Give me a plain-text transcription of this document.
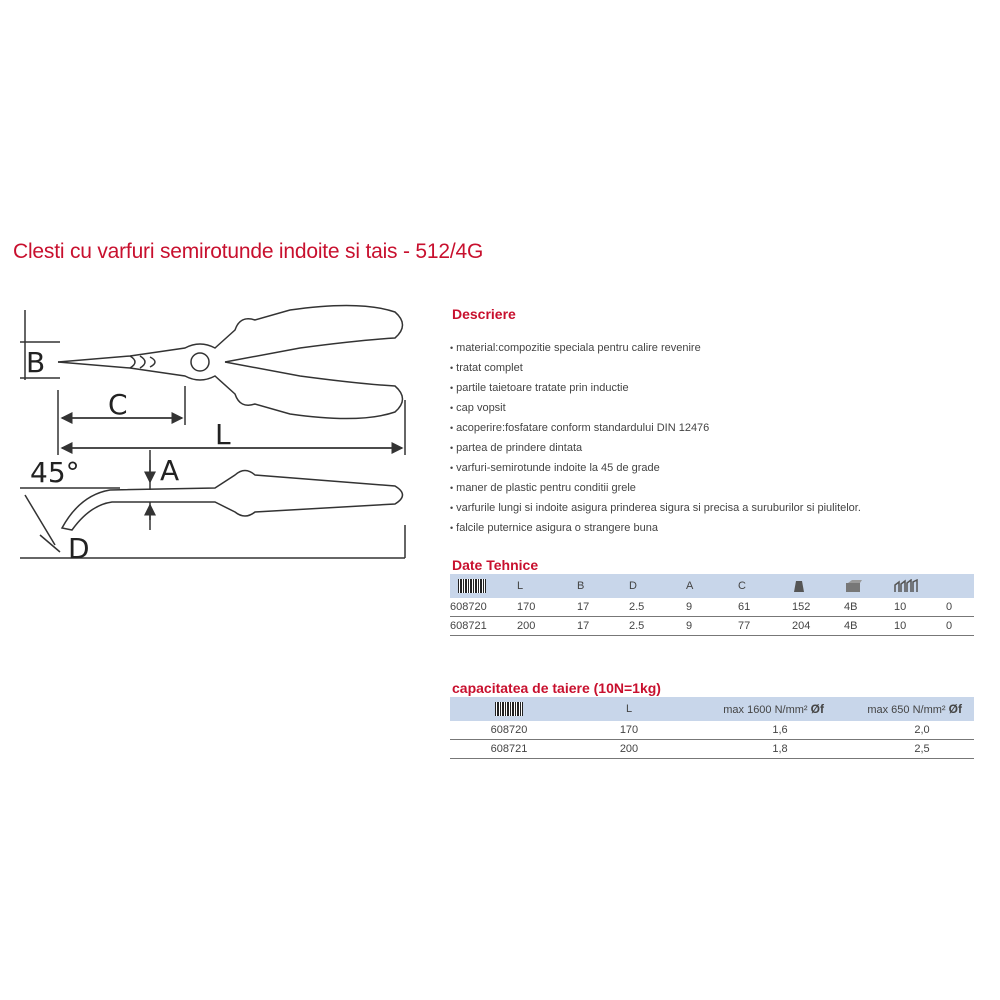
Clesti cu varfuri semirotunde indoite si tais - 512/4G
B
C
L
A
45°
D
Descriere
• material:compozitie speciala pentru calire revenire
• tratat complet
• partile taietoare tratate prin inductie
• cap vopsit
• acoperire:fosfatare conform standardului DIN 12476
• partea de prindere dintata
• varfuri-semirotunde indoite la 45 de grade
• maner de plastic pentru conditii grele
• varfurile lungi si indoite asigura prinderea sigura si precisa a suruburilor si piulitelor.
• falcile puternice asigura o strangere buna
Date Tehnice
	L	B	D	A	C				
608720	170	17	2.5	9	61	152	4B	10	0
608721	200	17	2.5	9	77	204	4B	10	0
capacitatea de taiere (10N=1kg)
	L	max 1600 N/mm² Øf	max 650 N/mm² Øf
608720	170	1,6	2,0
608721	200	1,8	2,5
